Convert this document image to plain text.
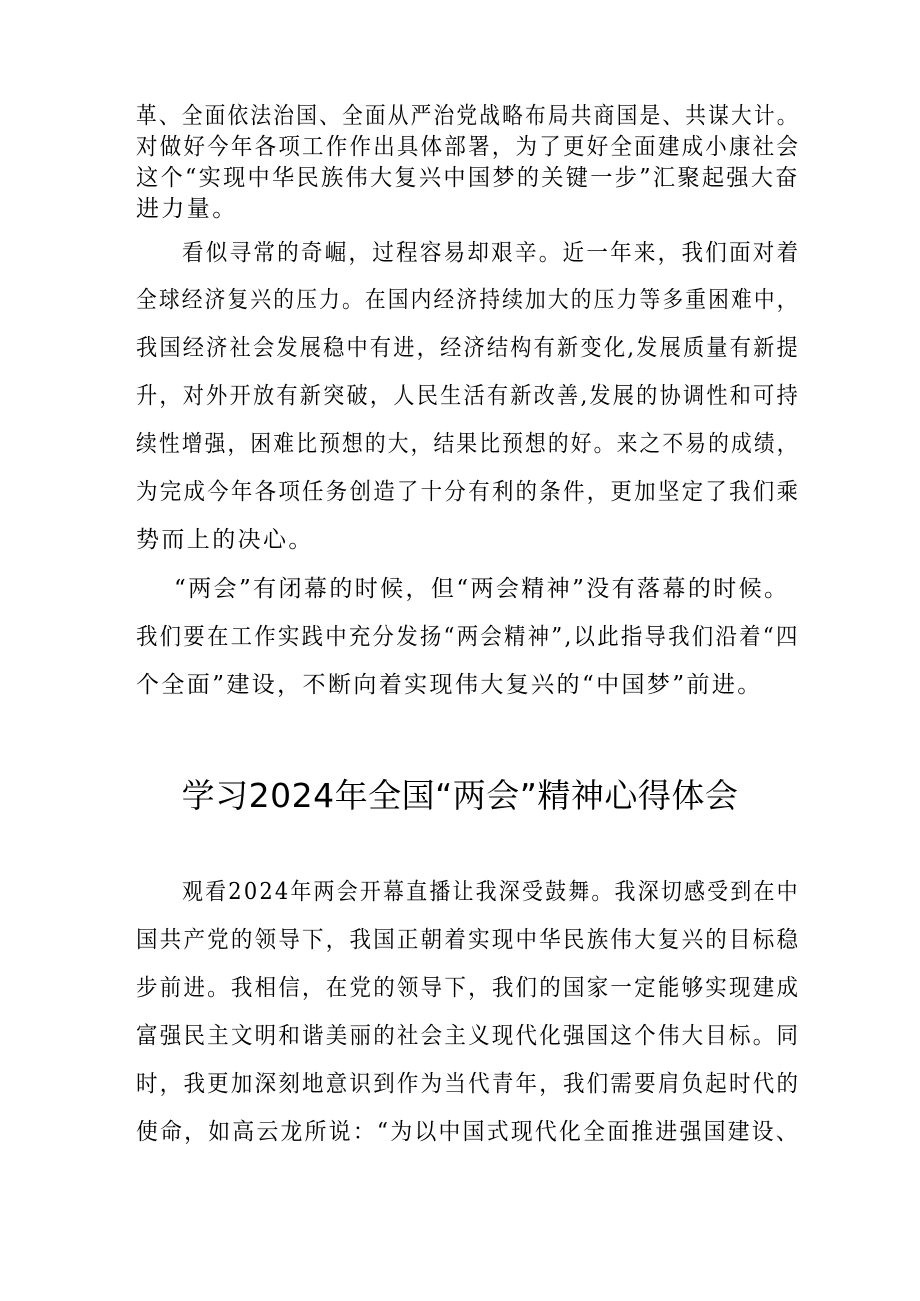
革、全面依法治国、全面从严治党战略布局共商国是、共谋大计。
对做好今年各项工作作出具体部署，为了更好全面建成小康社会
这个“实现中华民族伟大复兴中国梦的关键一步”汇聚起强大奋
进力量。
看似寻常的奇崛，过程容易却艰辛。近一年来，我们面对着
全球经济复兴的压力。在国内经济持续加大的压力等多重困难中，
我国经济社会发展稳中有进，经济结构有新变化,发展质量有新提
升，对外开放有新突破，人民生活有新改善,发展的协调性和可持
续性增强，困难比预想的大，结果比预想的好。来之不易的成绩，
为完成今年各项任务创造了十分有利的条件，更加坚定了我们乘
势而上的决心。
“两会”有闭幕的时候，但“两会精神”没有落幕的时候。
我们要在工作实践中充分发扬“两会精神”,以此指导我们沿着“四
个全面”建设，不断向着实现伟大复兴的“中国梦”前进。
学习2024年全国“两会”精神心得体会
观看2024年两会开幕直播让我深受鼓舞。我深切感受到在中
国共产党的领导下，我国正朝着实现中华民族伟大复兴的目标稳
步前进。我相信，在党的领导下，我们的国家一定能够实现建成
富强民主文明和谐美丽的社会主义现代化强国这个伟大目标。同
时，我更加深刻地意识到作为当代青年，我们需要肩负起时代的
使命，如高云龙所说：“为以中国式现代化全面推进强国建设、
